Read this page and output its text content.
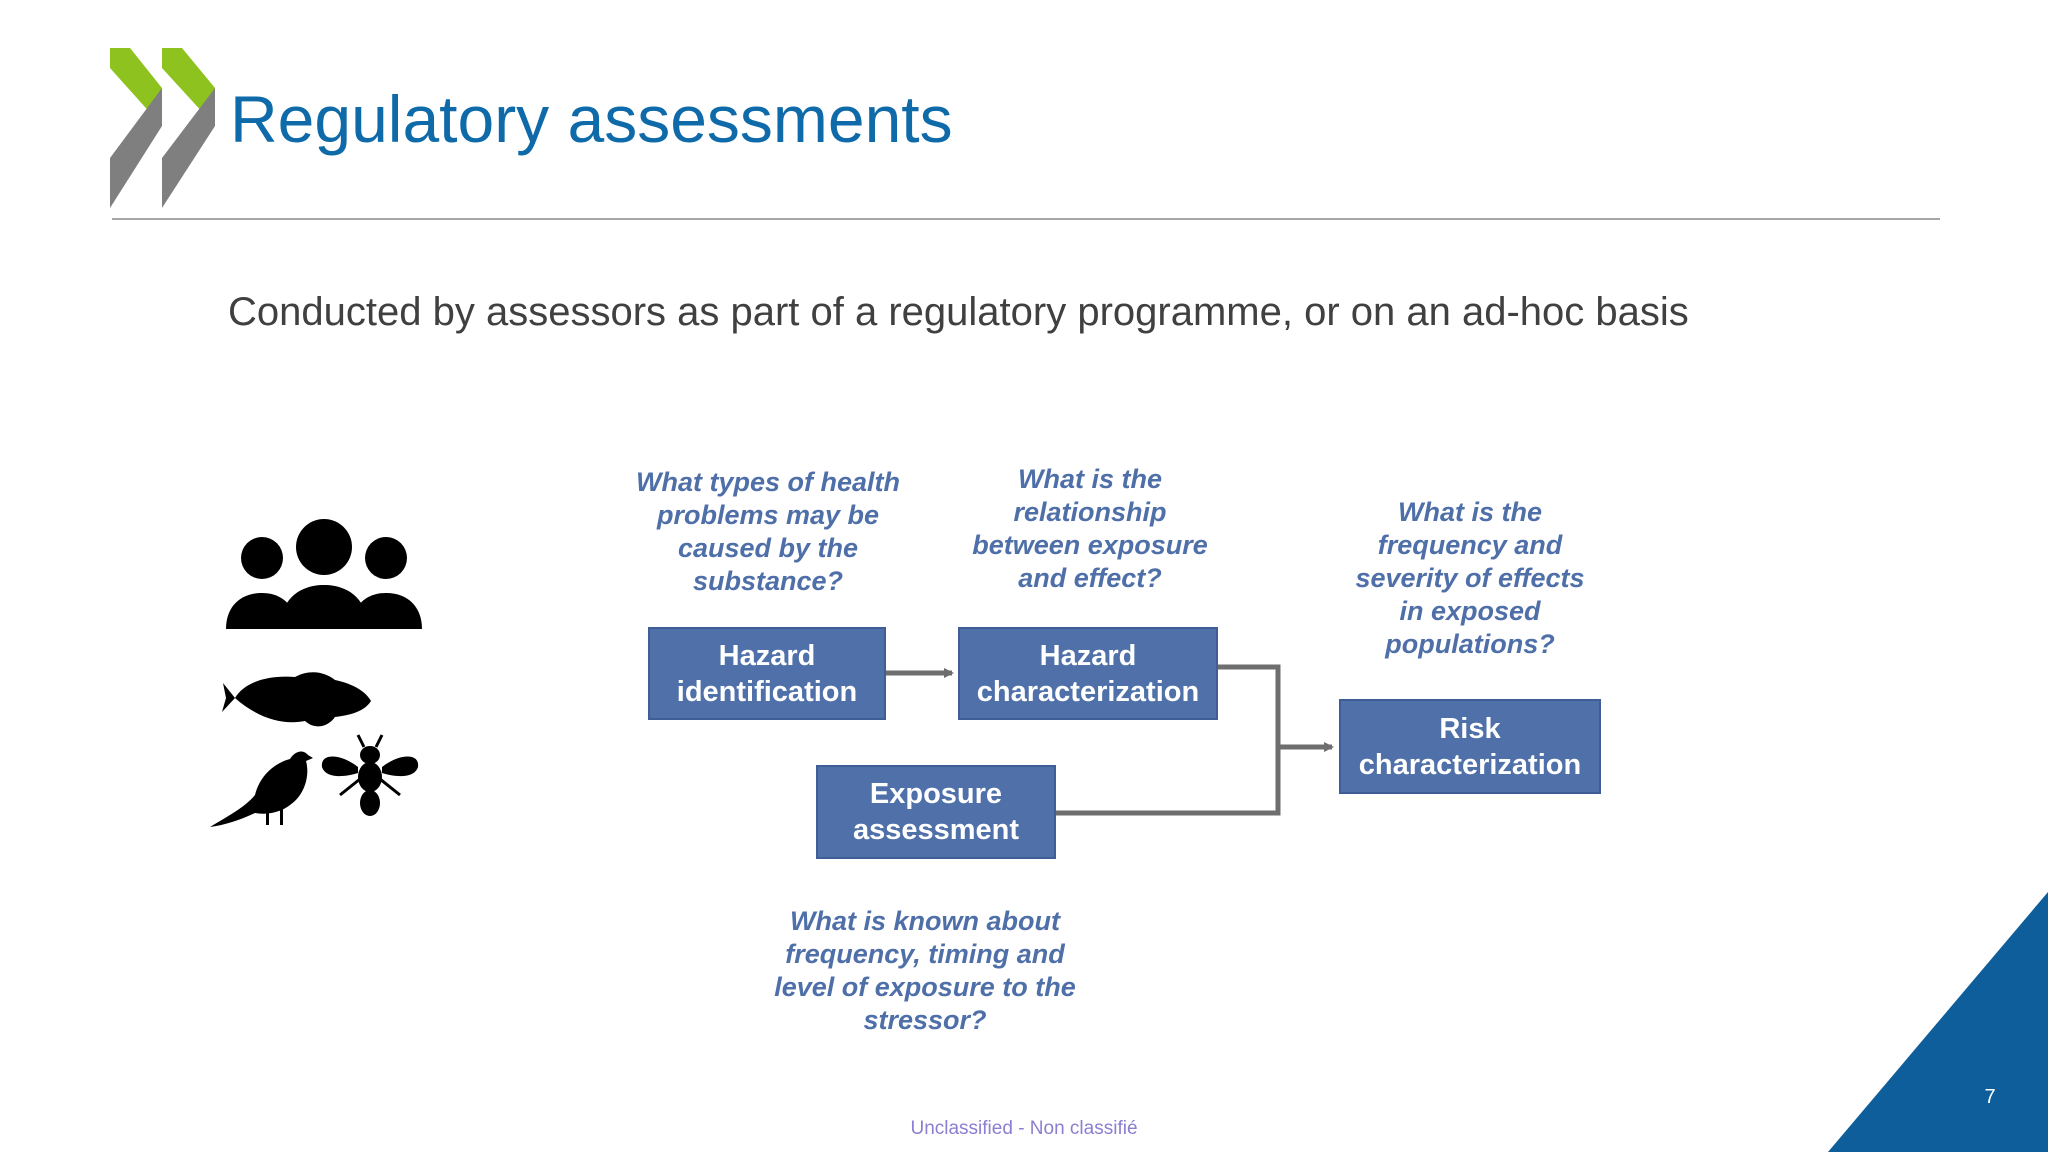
Regulatory assessments
Conducted by assessors as part of a regulatory programme, or on an ad-hoc basis
What types of health
problems may be
caused by the
substance?
What is the
relationship
between exposure
and effect?
What is the
frequency and
severity of effects
in exposed
populations?
What is known about
frequency, timing and
level of exposure to the
stressor?
Hazard
identification
Hazard
characterization
Exposure
assessment
Risk
characterization
7
Unclassified - Non classifié
